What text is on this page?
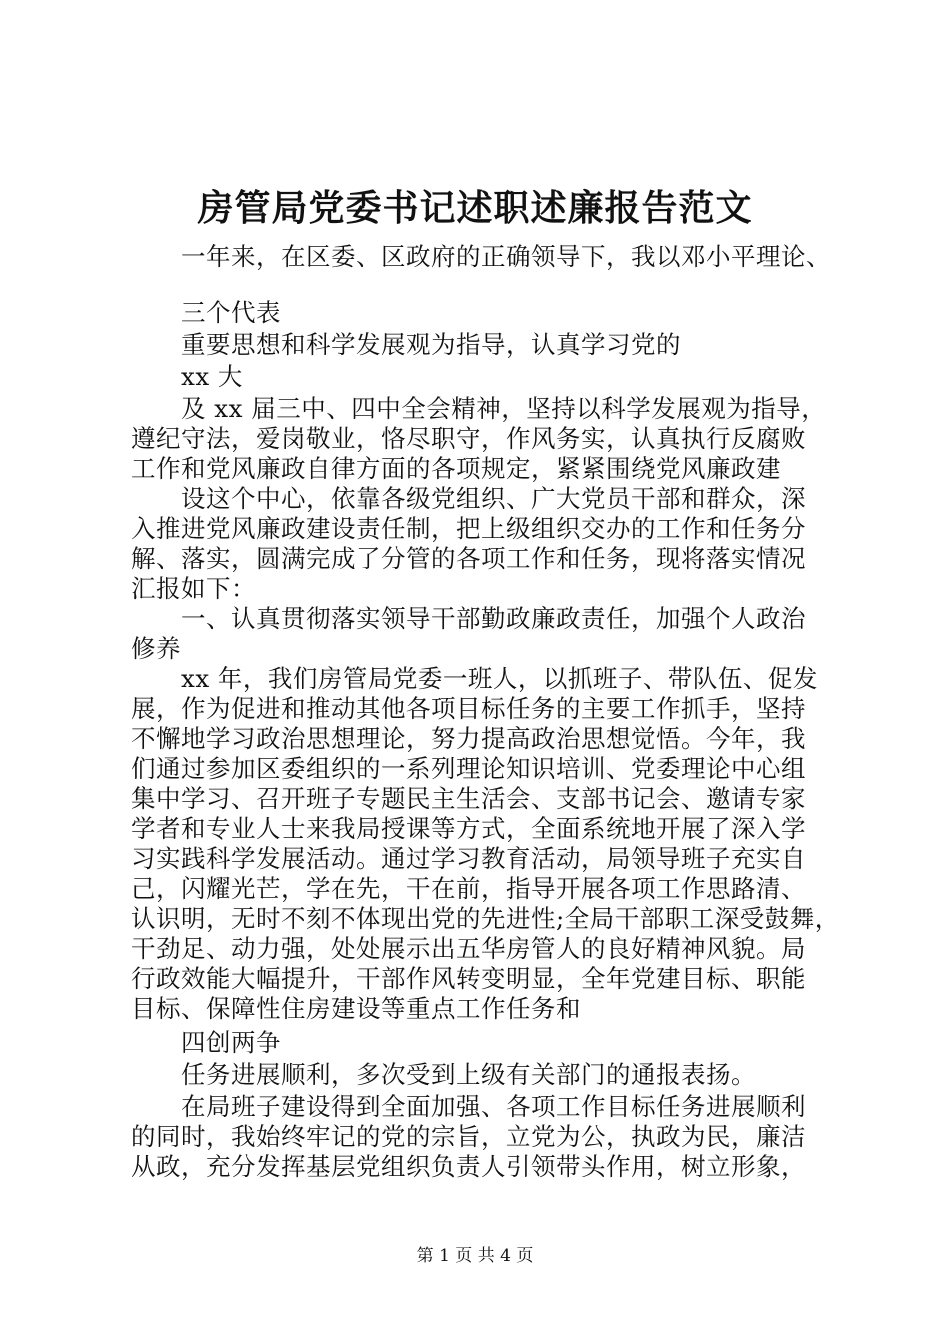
房管局党委书记述职述廉报告范文
一年来，在区委、区政府的正确领导下，我以邓小平理论、
三个代表
重要思想和科学发展观为指导，认真学习党的
xx 大
及 xx 届三中、四中全会精神，坚持以科学发展观为指导，
遵纪守法，爱岗敬业，恪尽职守，作风务实，认真执行反腐败
工作和党风廉政自律方面的各项规定，紧紧围绕党风廉政建
设这个中心，依靠各级党组织、广大党员干部和群众，深
入推进党风廉政建设责任制，把上级组织交办的工作和任务分
解、落实，圆满完成了分管的各项工作和任务，现将落实情况
汇报如下：
一、认真贯彻落实领导干部勤政廉政责任，加强个人政治
修养
xx 年，我们房管局党委一班人，以抓班子、带队伍、促发
展，作为促进和推动其他各项目标任务的主要工作抓手，坚持
不懈地学习政治思想理论，努力提高政治思想觉悟。今年，我
们通过参加区委组织的一系列理论知识培训、党委理论中心组
集中学习、召开班子专题民主生活会、支部书记会、邀请专家
学者和专业人士来我局授课等方式，全面系统地开展了深入学
习实践科学发展活动。通过学习教育活动，局领导班子充实自
己，闪耀光芒，学在先，干在前，指导开展各项工作思路清、
认识明，无时不刻不体现出党的先进性;全局干部职工深受鼓舞，
干劲足、动力强，处处展示出五华房管人的良好精神风貌。局
行政效能大幅提升，干部作风转变明显，全年党建目标、职能
目标、保障性住房建设等重点工作任务和
四创两争
任务进展顺利，多次受到上级有关部门的通报表扬。
在局班子建设得到全面加强、各项工作目标任务进展顺利
的同时，我始终牢记的党的宗旨，立党为公，执政为民，廉洁
从政，充分发挥基层党组织负责人引领带头作用，树立形象，
第 1 页 共 4 页
